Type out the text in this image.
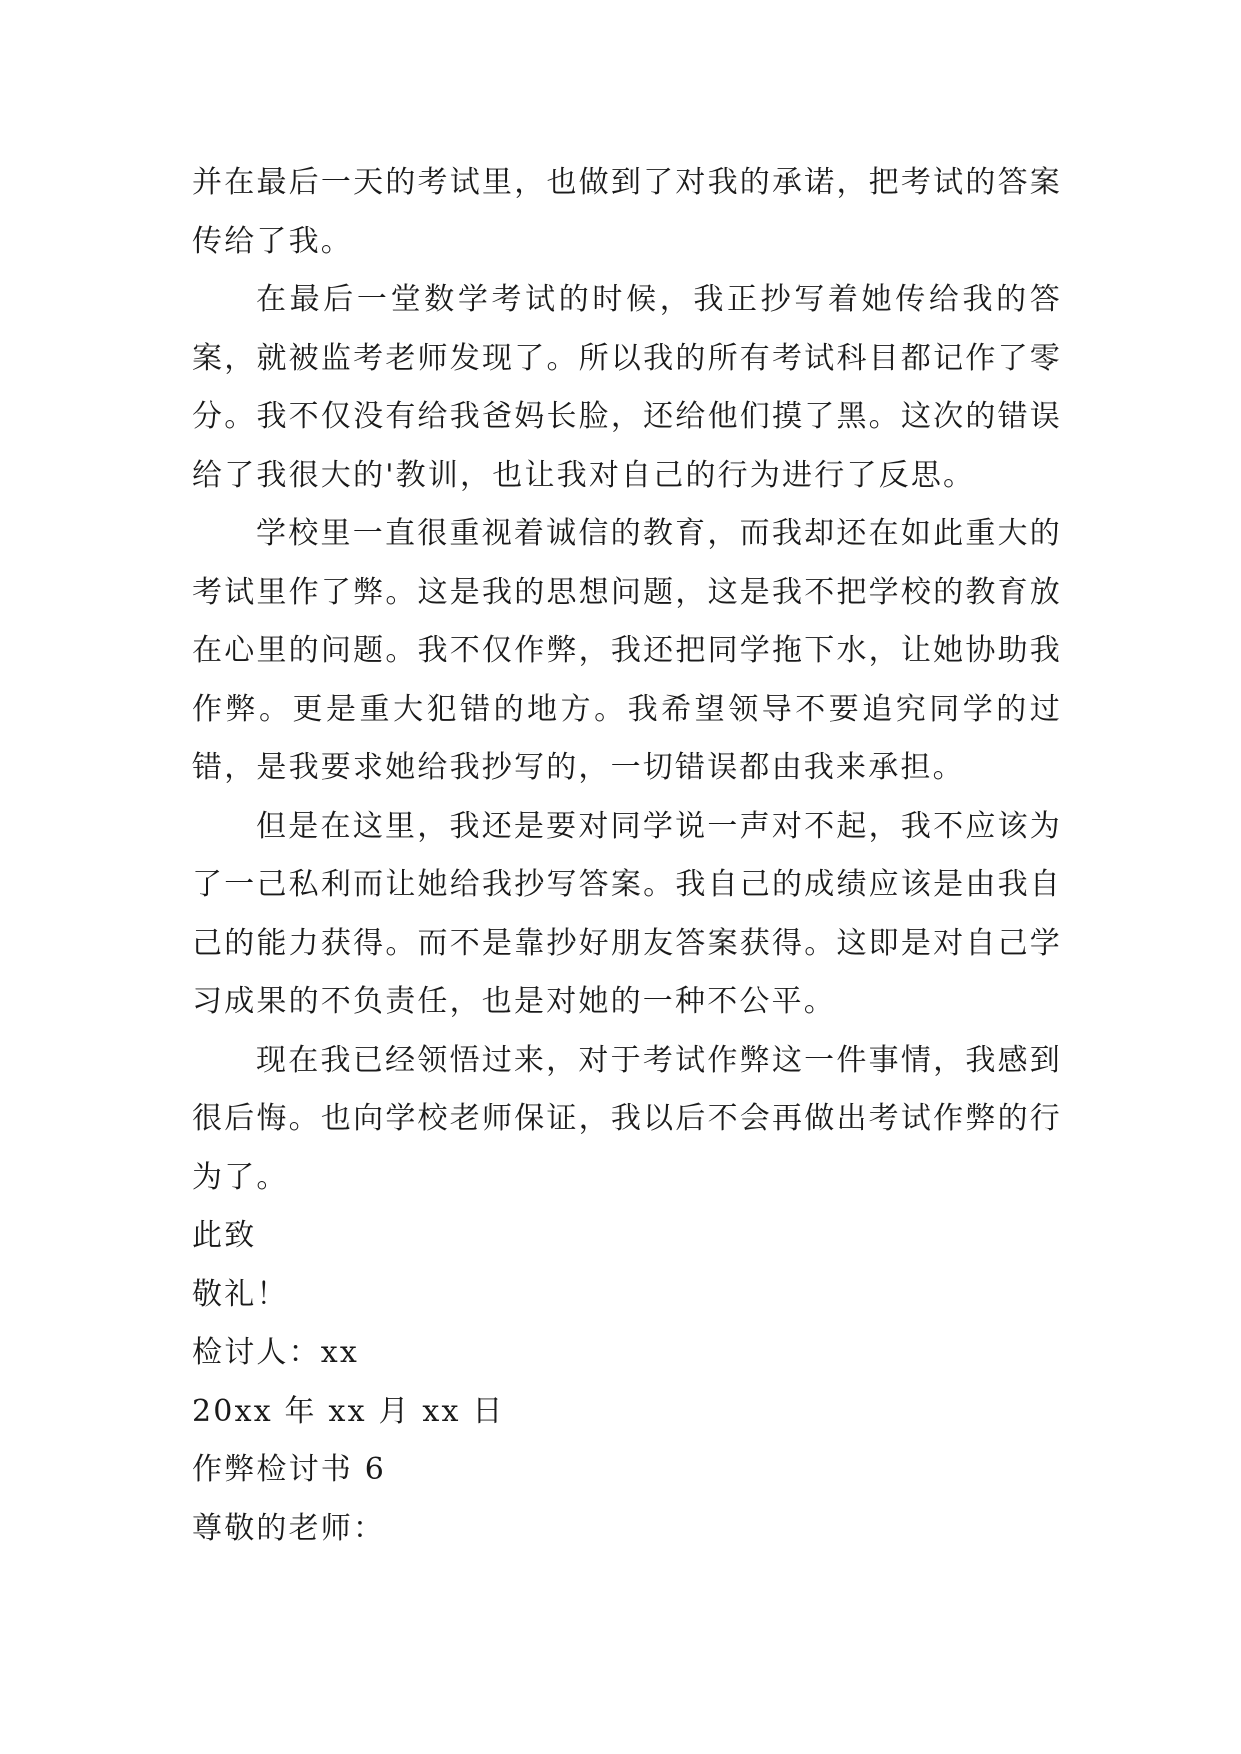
并在最后一天的考试里，也做到了对我的承诺，把考试的答案传给了我。

在最后一堂数学考试的时候，我正抄写着她传给我的答案，就被监考老师发现了。所以我的所有考试科目都记作了零分。我不仅没有给我爸妈长脸，还给他们摸了黑。这次的错误给了我很大的'教训，也让我对自己的行为进行了反思。

学校里一直很重视着诚信的教育，而我却还在如此重大的考试里作了弊。这是我的思想问题，这是我不把学校的教育放在心里的问题。我不仅作弊，我还把同学拖下水，让她协助我作弊。更是重大犯错的地方。我希望领导不要追究同学的过错，是我要求她给我抄写的，一切错误都由我来承担。

但是在这里，我还是要对同学说一声对不起，我不应该为了一己私利而让她给我抄写答案。我自己的成绩应该是由我自己的能力获得。而不是靠抄好朋友答案获得。这即是对自己学习成果的不负责任，也是对她的一种不公平。

现在我已经领悟过来，对于考试作弊这一件事情，我感到很后悔。也向学校老师保证，我以后不会再做出考试作弊的行为了。

此致

敬礼！

检讨人：xx

20xx 年 xx 月 xx 日

作弊检讨书 6

尊敬的老师：
